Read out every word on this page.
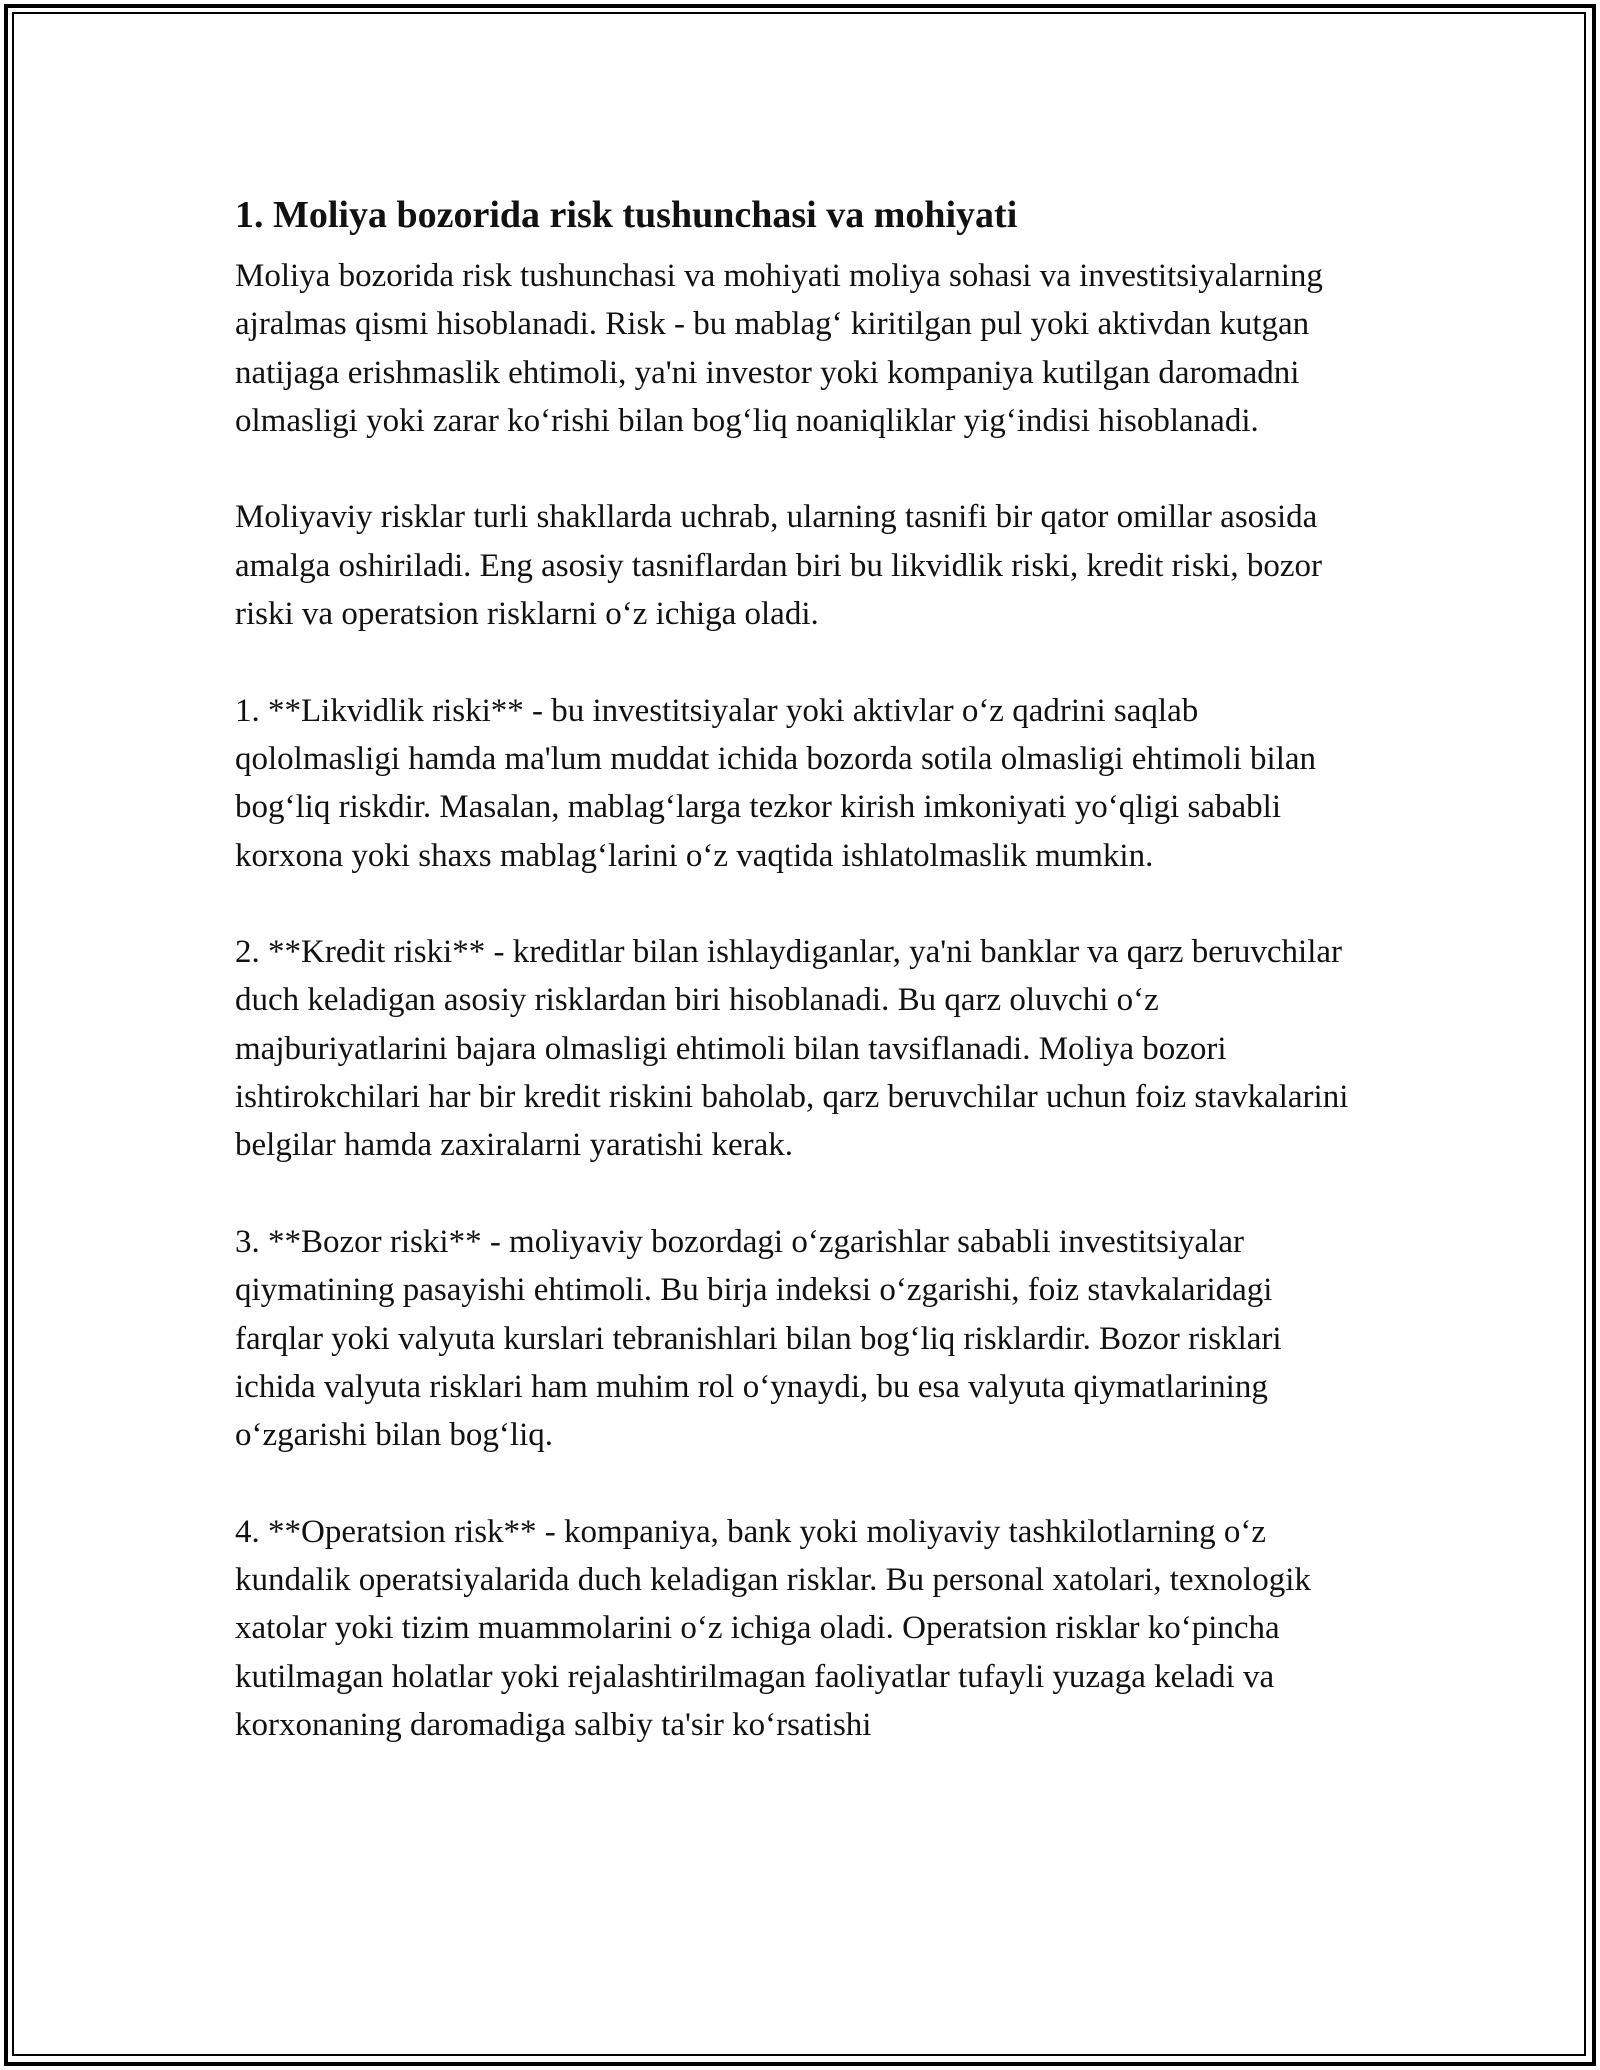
1. Moliya bozorida risk tushunchasi va mohiyati

Moliya bozorida risk tushunchasi va mohiyati moliya sohasi va investitsiyalarning ajralmas qismi hisoblanadi. Risk - bu mablag‘ kiritilgan pul yoki aktivdan kutgan natijaga erishmaslik ehtimoli, ya'ni investor yoki kompaniya kutilgan daromadni olmasligi yoki zarar ko‘rishi bilan bog‘liq noaniqliklar yig‘indisi hisoblanadi.

Moliyaviy risklar turli shakllarda uchrab, ularning tasnifi bir qator omillar asosida amalga oshiriladi. Eng asosiy tasniflardan biri bu likvidlik riski, kredit riski, bozor riski va operatsion risklarni o‘z ichiga oladi.

1. **Likvidlik riski** - bu investitsiyalar yoki aktivlar o‘z qadrini saqlab qololmasligi hamda ma'lum muddat ichida bozorda sotila olmasligi ehtimoli bilan bog‘liq riskdir. Masalan, mablag‘larga tezkor kirish imkoniyati yo‘qligi sababli korxona yoki shaxs mablag‘larini o‘z vaqtida ishlatolmaslik mumkin.

2. **Kredit riski** - kreditlar bilan ishlaydiganlar, ya'ni banklar va qarz beruvchilar duch keladigan asosiy risklardan biri hisoblanadi. Bu qarz oluvchi o‘z majburiyatlarini bajara olmasligi ehtimoli bilan tavsiflanadi. Moliya bozori ishtirokchilari har bir kredit riskini baholab, qarz beruvchilar uchun foiz stavkalarini belgilar hamda zaxiralarni yaratishi kerak.

3. **Bozor riski** - moliyaviy bozordagi o‘zgarishlar sababli investitsiyalar qiymatining pasayishi ehtimoli. Bu birja indeksi o‘zgarishi, foiz stavkalaridagi farqlar yoki valyuta kurslari tebranishlari bilan bog‘liq risklardir. Bozor risklari ichida valyuta risklari ham muhim rol o‘ynaydi, bu esa valyuta qiymatlarining o‘zgarishi bilan bog‘liq.

4. **Operatsion risk** - kompaniya, bank yoki moliyaviy tashkilotlarning o‘z kundalik operatsiyalarida duch keladigan risklar. Bu personal xatolari, texnologik xatolar yoki tizim muammolarini o‘z ichiga oladi. Operatsion risklar ko‘pincha kutilmagan holatlar yoki rejalashtirilmagan faoliyatlar tufayli yuzaga keladi va korxonaning daromadiga salbiy ta'sir ko‘rsatishi
